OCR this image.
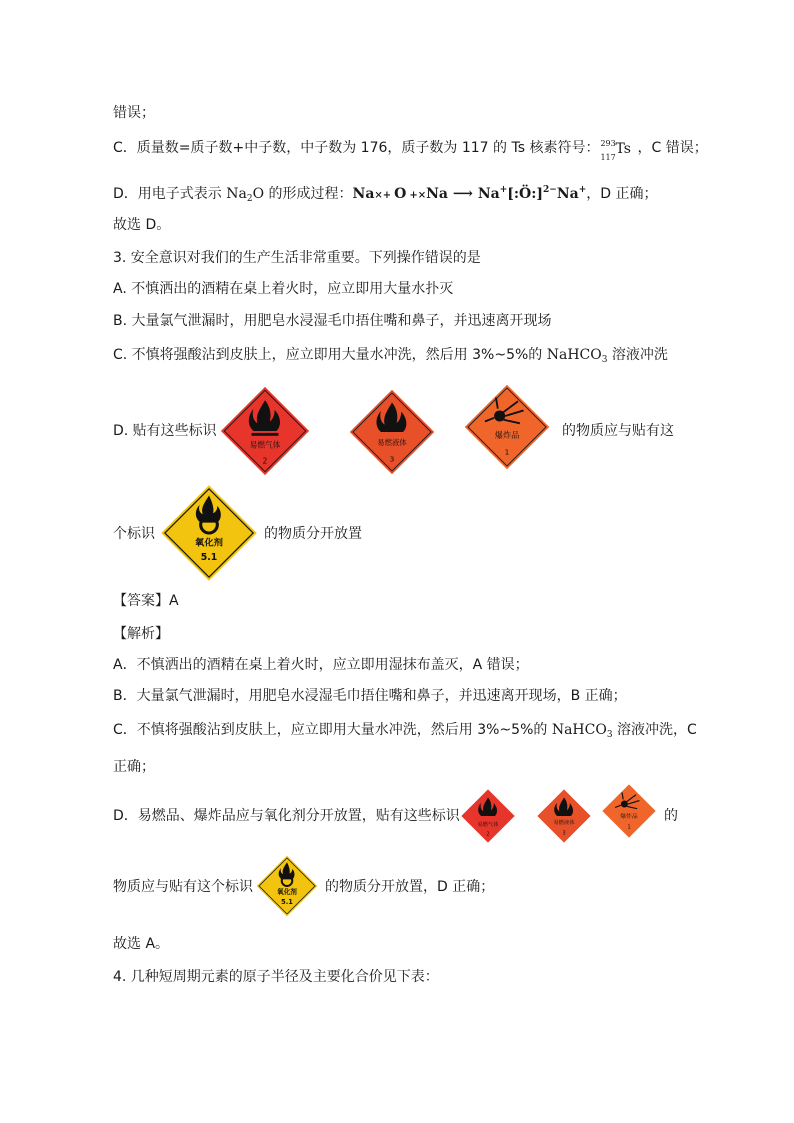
错误；
C．质量数=质子数+中子数，中子数为 176，质子数为 117 的 Ts 核素符号： 293
117
Ts ，C 错误；
D．用电子式表示 $Na_2O$ 的形成过程：Na×+ O +×Na ⟶ Na+[:Ö:]$^{2-}$Na+，D 正确；
故选 D。
3. 安全意识对我们的生产生活非常重要。下列操作错误的是
A. 不慎洒出的酒精在桌上着火时，应立即用大量水扑灭
B. 大量氯气泄漏时，用肥皂水浸湿毛巾捂住嘴和鼻子，并迅速离开现场
C. 不慎将强酸沾到皮肤上，应立即用大量水冲洗，然后用 3%~5%的 NaHCO$_3$ 溶液冲洗
D. 贴有这些标识	的物质应与贴有这
易燃气体
2
易燃液体
3
爆炸品
1
个标识	的物质分开放置
氧化剂
5.1
【答案】A
【解析】
A．不慎洒出的酒精在桌上着火时，应立即用湿抹布盖灭，A 错误；
B．大量氯气泄漏时，用肥皂水浸湿毛巾捂住嘴和鼻子，并迅速离开现场，B 正确；
C．不慎将强酸沾到皮肤上，应立即用大量水冲洗，然后用 3%~5%的 NaHCO$_3$ 溶液冲洗，C
正确；
D．易燃品、爆炸品应与氧化剂分开放置，贴有这些标识	的
易燃气体
2
易燃液体
3
爆炸品
1
物质应与贴有这个标识	的物质分开放置，D 正确；
氧化剂
5.1
故选 A。
4. 几种短周期元素的原子半径及主要化合价见下表：
